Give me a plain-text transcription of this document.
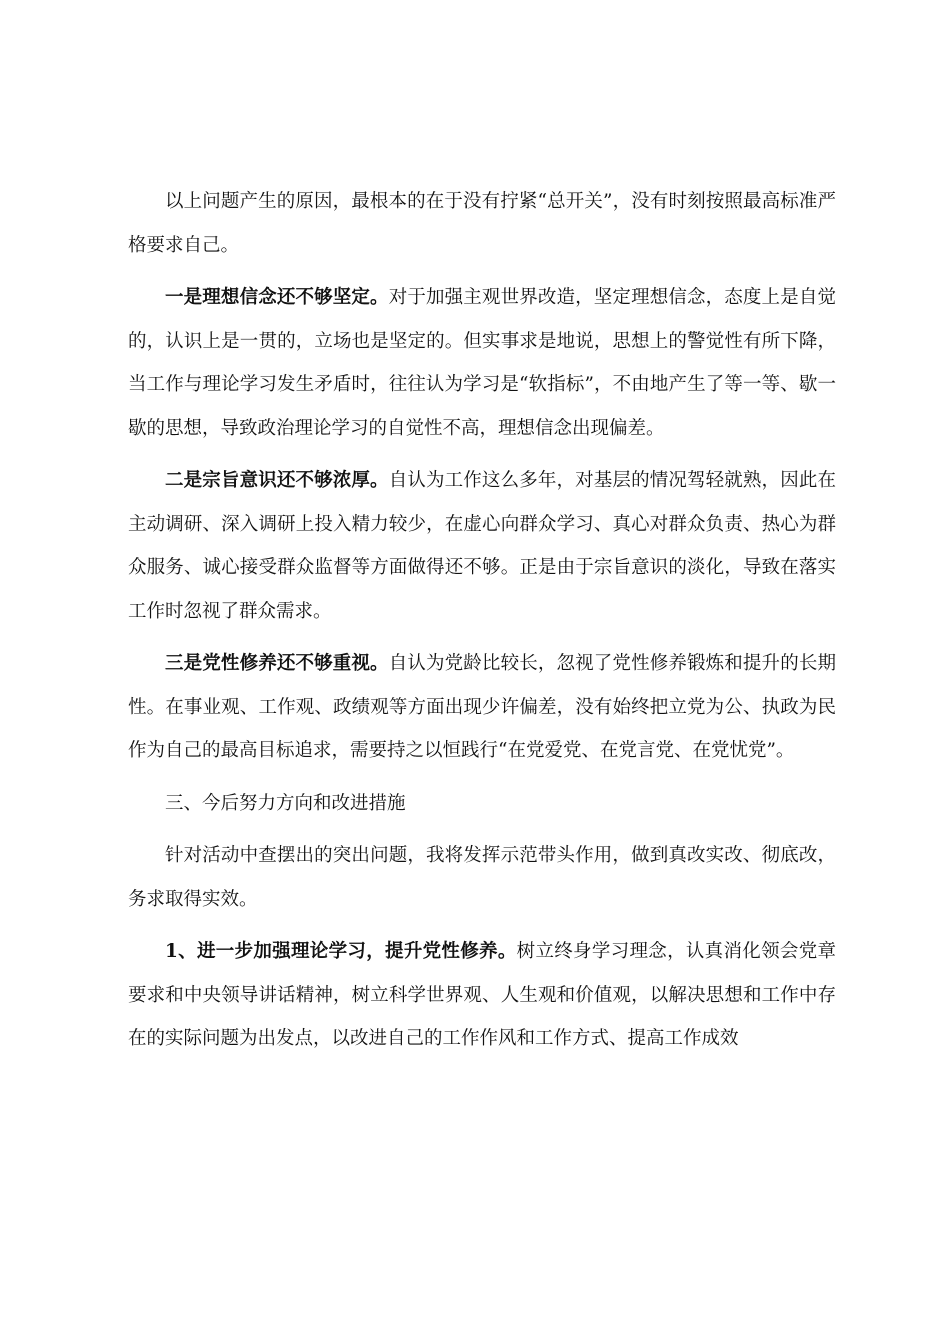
以上问题产生的原因，最根本的在于没有拧紧“总开关”，没有时刻按照最高标准严格要求自己。

一是理想信念还不够坚定。对于加强主观世界改造，坚定理想信念，态度上是自觉的，认识上是一贯的，立场也是坚定的。但实事求是地说，思想上的警觉性有所下降，当工作与理论学习发生矛盾时，往往认为学习是“软指标”，不由地产生了等一等、歇一歇的思想，导致政治理论学习的自觉性不高，理想信念出现偏差。

二是宗旨意识还不够浓厚。自认为工作这么多年，对基层的情况驾轻就熟，因此在主动调研、深入调研上投入精力较少，在虚心向群众学习、真心对群众负责、热心为群众服务、诚心接受群众监督等方面做得还不够。正是由于宗旨意识的淡化，导致在落实工作时忽视了群众需求。

三是党性修养还不够重视。自认为党龄比较长，忽视了党性修养锻炼和提升的长期性。在事业观、工作观、政绩观等方面出现少许偏差，没有始终把立党为公、执政为民作为自己的最高目标追求，需要持之以恒践行“在党爱党、在党言党、在党忧党”。

三、今后努力方向和改进措施

针对活动中查摆出的突出问题，我将发挥示范带头作用，做到真改实改、彻底改，务求取得实效。

1、进一步加强理论学习，提升党性修养。树立终身学习理念，认真消化领会党章要求和中央领导讲话精神，树立科学世界观、人生观和价值观，以解决思想和工作中存在的实际问题为出发点，以改进自己的工作作风和工作方式、提高工作成效
